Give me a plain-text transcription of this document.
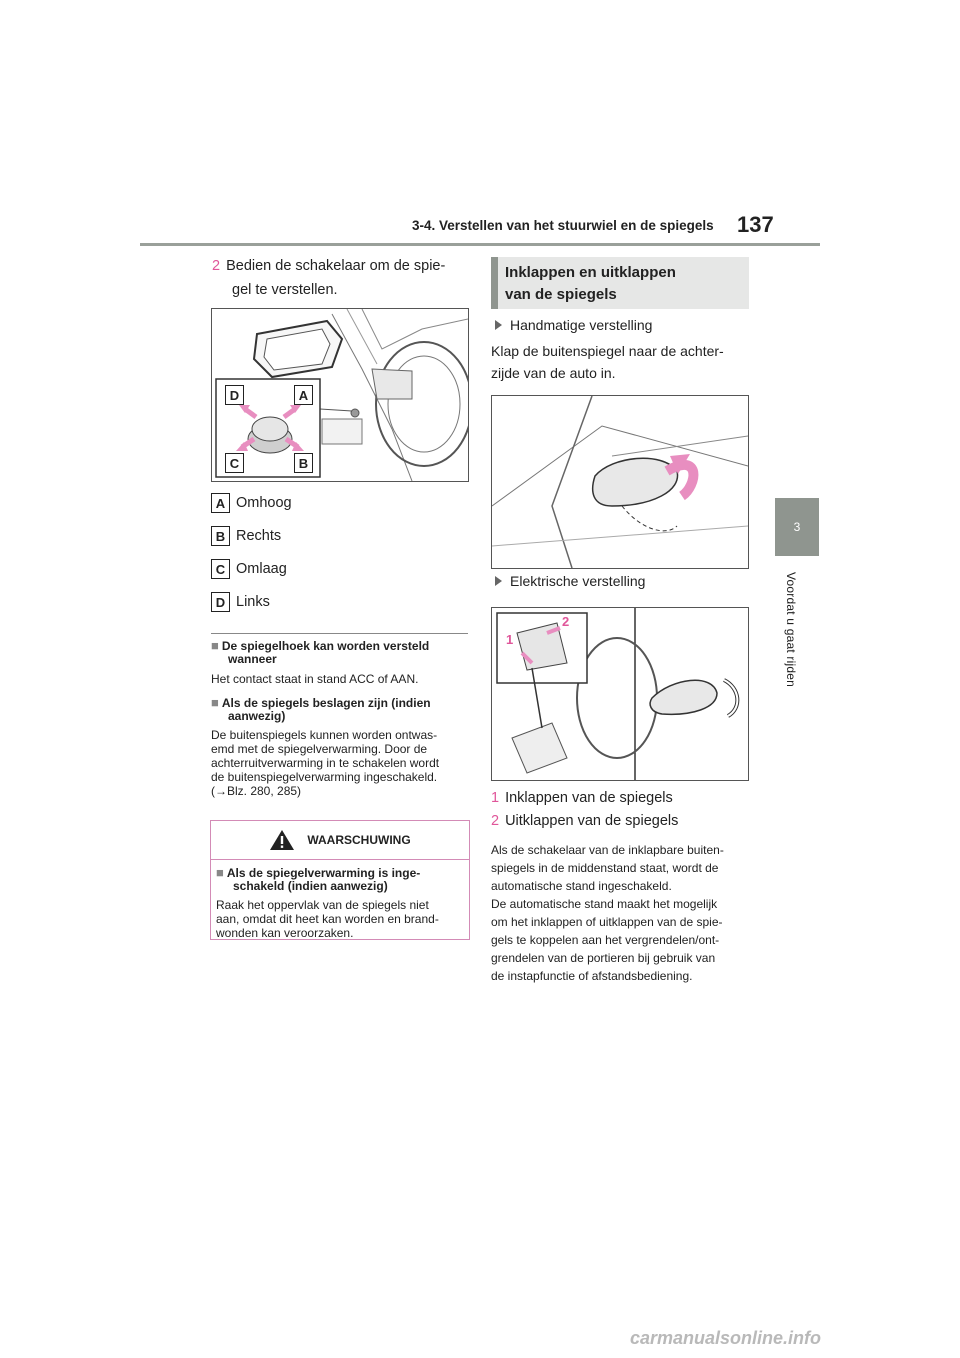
3-4. Verstellen van het stuurwiel en de spiegels 137
3
Voordat u gaat rijden
2 Bedien de schakelaar om de spie-
gel te verstellen.
D	A
C	B
A Omhoog
B Rechts
C Omlaag
D Links
■ De spiegelhoek kan worden versteld
wanneer
Het contact staat in stand ACC of AAN.
■ Als de spiegels beslagen zijn (indien
aanwezig)
De buitenspiegels kunnen worden ontwas-
emd met de spiegelverwarming. Door de
achterruitverwarming in te schakelen wordt
de buitenspiegelverwarming ingeschakeld.
(→Blz. 280, 285)
WAARSCHUWING
■ Als de spiegelverwarming is inge-
schakeld (indien aanwezig)
Raak het oppervlak van de spiegels niet
aan, omdat dit heet kan worden en brand-
wonden kan veroorzaken.
Inklappen en uitklappen
van de spiegels
Handmatige verstelling
Klap de buitenspiegel naar de achter-
zijde van de auto in.
Elektrische verstelling
1
2
1 Inklappen van de spiegels
2 Uitklappen van de spiegels
Als de schakelaar van de inklapbare buiten-
spiegels in de middenstand staat, wordt de
automatische stand ingeschakeld.
De automatische stand maakt het mogelijk
om het inklappen of uitklappen van de spie-
gels te koppelen aan het vergrendelen/ont-
grendelen van de portieren bij gebruik van
de instapfunctie of afstandsbediening.
carmanualsonline.info
